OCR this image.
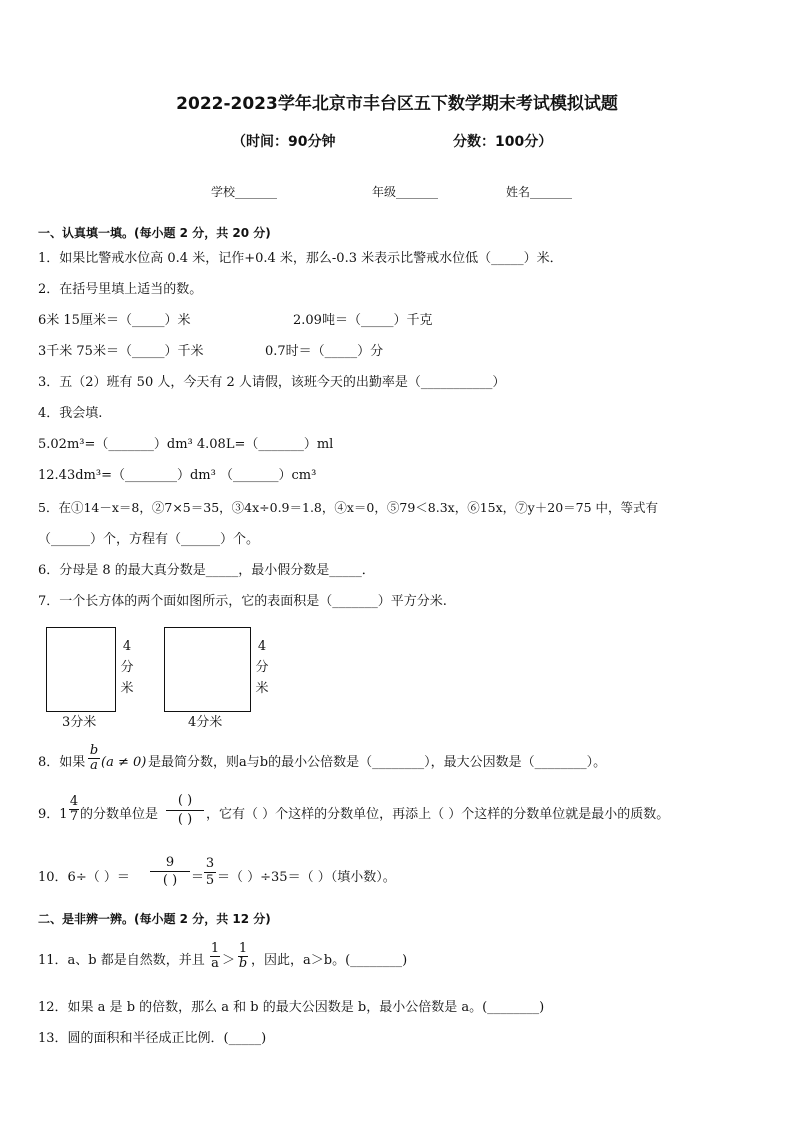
2022-2023学年北京市丰台区五下数学期末考试模拟试题
（时间：90分钟	分数：100分）
学校_______	年级_______	姓名_______
一、认真填一填。(每小题 2 分，共 20 分)
1．如果比警戒水位高 0.4 米，记作+0.4 米，那么-0.3 米表示比警戒水位低（_____）米．
2．在括号里填上适当的数。
6米 15厘米＝（_____）米	2.09吨＝（_____）千克
3千米 75米＝（_____）千米	0.7时＝（_____）分
3．五（2）班有 50 人，今天有 2 人请假，该班今天的出勤率是（___________）
4．我会填.
5.02m³=（_______）dm³ 4.08L=（_______）ml
12.43dm³=（________）dm³ （_______）cm³
5．在①14－x＝8，②7×5＝35，③4x÷0.9＝1.8，④x＝0，⑤79＜8.3x，⑥15x，⑦y＋20＝75 中，等式有
（______）个，方程有（______）个。
6．分母是 8 的最大真分数是_____，最小假分数是_____．
7．一个长方体的两个面如图所示，它的表面积是（_______）平方分米.
4
分
米
3分米
4
分
米
4分米
8．如果 $\frac{b}{a} (a \ne 0)$ 是最简分数，则a与b的最小公倍数是（________），最大公因数是（________）。
9．$1 \frac{4}{7}$ 的分数单位是
( )
( )	，它有（ ）个这样的分数单位，再添上（ ）个这样的分数单位就是最小的质数。
10．6÷（ ）＝
9
( )	＝ $\frac{3}{5}$ ＝（ ）÷35＝（ ）（填小数）。
二、是非辨一辨。(每小题 2 分，共 12 分)
11．a、b 都是自然数，并且 $\frac{1}{a} > \frac{1}{b}$ ，因此，a＞b。(________)
12．如果 a 是 b 的倍数，那么 a 和 b 的最大公因数是 b，最小公倍数是 a。(________)
13．圆的面积和半径成正比例．(_____)
